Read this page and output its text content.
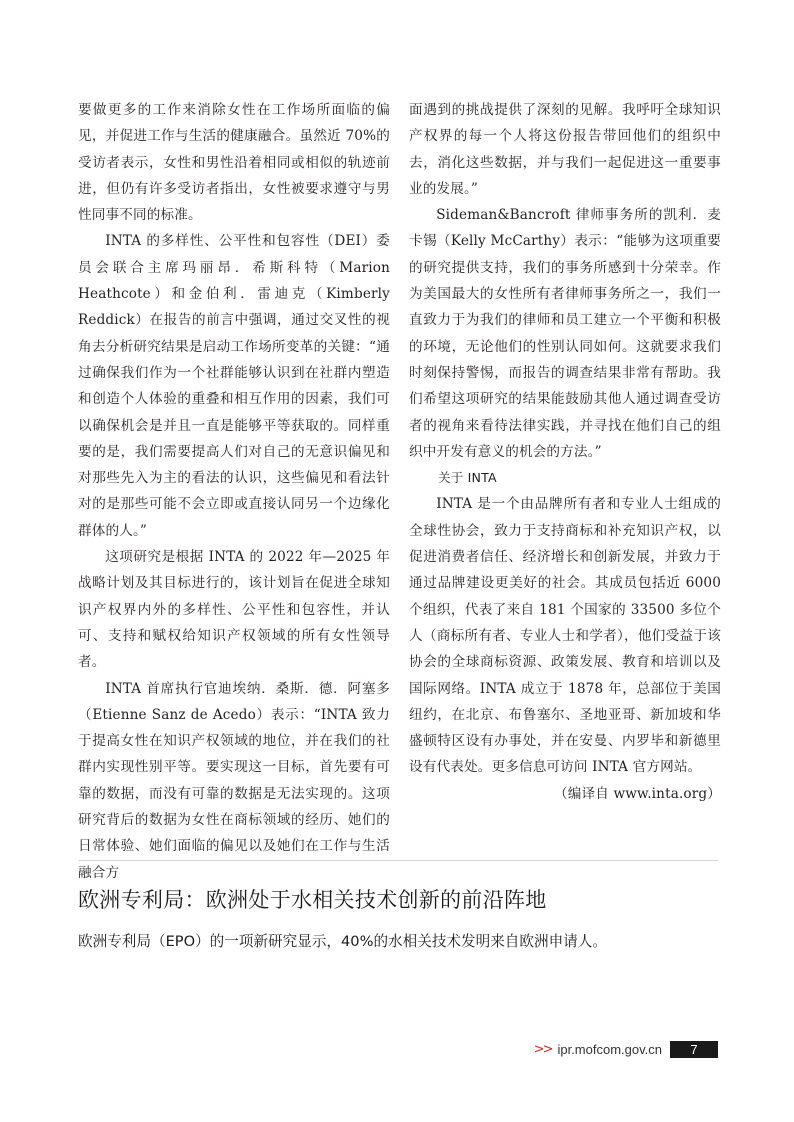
要做更多的工作来消除女性在工作场所面临的偏见，并促进工作与生活的健康融合。虽然近 70%的受访者表示，女性和男性沿着相同或相似的轨迹前进，但仍有许多受访者指出，女性被要求遵守与男性同事不同的标准。

INTA 的多样性、公平性和包容性（DEI）委员会联合主席玛丽昂．希斯科特（Marion Heathcote）和金伯利．雷迪克（Kimberly Reddick）在报告的前言中强调，通过交叉性的视角去分析研究结果是启动工作场所变革的关键：“通过确保我们作为一个社群能够认识到在社群内塑造和创造个人体验的重叠和相互作用的因素，我们可以确保机会是并且一直是能够平等获取的。同样重要的是，我们需要提高人们对自己的无意识偏见和对那些先入为主的看法的认识，这些偏见和看法针对的是那些可能不会立即或直接认同另一个边缘化群体的人。”

这项研究是根据 INTA 的 2022 年—2025 年战略计划及其目标进行的，该计划旨在促进全球知识产权界内外的多样性、公平性和包容性，并认可、支持和赋权给知识产权领域的所有女性领导者。

INTA 首席执行官迪埃纳．桑斯．德．阿塞多（Etienne Sanz de Acedo）表示：“INTA 致力于提高女性在知识产权领域的地位，并在我们的社群内实现性别平等。要实现这一目标，首先要有可靠的数据，而没有可靠的数据是无法实现的。这项研究背后的数据为女性在商标领域的经历、她们的日常体验、她们面临的偏见以及她们在工作与生活融合方

面遇到的挑战提供了深刻的见解。我呼吁全球知识产权界的每一个人将这份报告带回他们的组织中去，消化这些数据，并与我们一起促进这一重要事业的发展。”

Sideman&Bancroft 律师事务所的凯利．麦卡锡（Kelly McCarthy）表示：“能够为这项重要的研究提供支持，我们的事务所感到十分荣幸。作为美国最大的女性所有者律师事务所之一，我们一直致力于为我们的律师和员工建立一个平衡和积极的环境，无论他们的性别认同如何。这就要求我们时刻保持警惕，而报告的调查结果非常有帮助。我们希望这项研究的结果能鼓励其他人通过调查受访者的视角来看待法律实践，并寻找在他们自己的组织中开发有意义的机会的方法。”

关于 INTA

INTA 是一个由品牌所有者和专业人士组成的全球性协会，致力于支持商标和补充知识产权，以促进消费者信任、经济增长和创新发展，并致力于通过品牌建设更美好的社会。其成员包括近 6000 个组织，代表了来自 181 个国家的 33500 多位个人（商标所有者、专业人士和学者），他们受益于该协会的全球商标资源、政策发展、教育和培训以及国际网络。INTA 成立于 1878 年，总部位于美国纽约，在北京、布鲁塞尔、圣地亚哥、新加坡和华盛顿特区设有办事处，并在安曼、内罗毕和新德里设有代表处。更多信息可访问 INTA 官方网站。

（编译自 www.inta.org）

欧洲专利局：欧洲处于水相关技术创新的前沿阵地

欧洲专利局（EPO）的一项新研究显示，40%的水相关技术发明来自欧洲申请人。

>> ipr.mofcom.gov.cn	7
